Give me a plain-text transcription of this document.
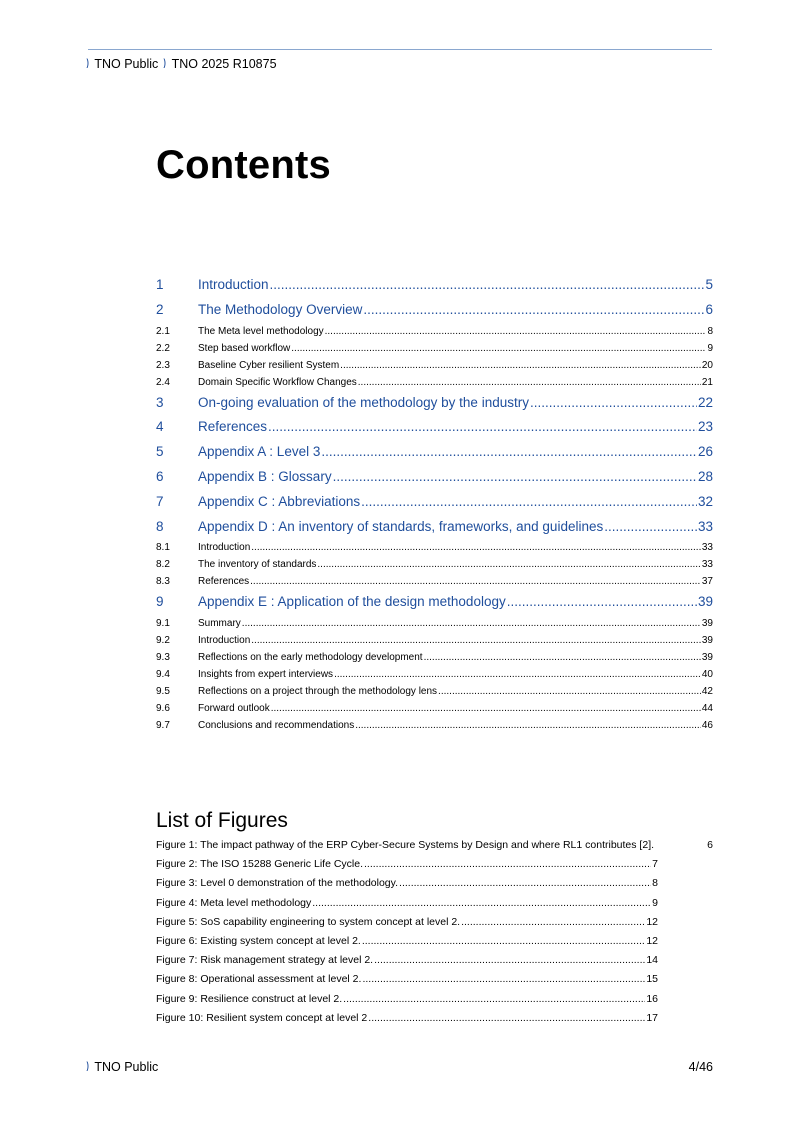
) TNO Public ) TNO 2025 R10875
Contents
1	Introduction .....	5
2	The Methodology Overview .....	6
2.1	The Meta level methodology .....	8
2.2	Step based workflow .....	9
2.3	Baseline Cyber resilient System .....	20
2.4	Domain Specific Workflow Changes .....	21
3	On-going evaluation of the methodology by the industry .....	22
4	References .....	23
5	Appendix A : Level 3 .....	26
6	Appendix B : Glossary .....	28
7	Appendix C : Abbreviations .....	32
8	Appendix D : An inventory of standards, frameworks, and guidelines .....	33
8.1	Introduction .....	33
8.2	The inventory of standards .....	33
8.3	References .....	37
9	Appendix E : Application of the design methodology .....	39
9.1	Summary .....	39
9.2	Introduction .....	39
9.3	Reflections on the early methodology development .....	39
9.4	Insights from expert interviews .....	40
9.5	Reflections on a project through the methodology lens .....	42
9.6	Forward outlook .....	44
9.7	Conclusions and recommendations .....	46
List of Figures
Figure 1: The impact pathway of the ERP Cyber-Secure Systems by Design and where RL1 contributes [2].	6
Figure 2: The ISO 15288 Generic Life Cycle. .....	7
Figure 3: Level 0 demonstration of the methodology. .....	8
Figure 4: Meta level methodology .....	9
Figure 5: SoS capability engineering to system concept at level 2. .....	12
Figure 6: Existing system concept at level 2. .....	12
Figure 7: Risk management strategy at level 2. .....	14
Figure 8: Operational assessment at level 2. .....	15
Figure 9: Resilience construct at level 2. .....	16
Figure 10: Resilient system concept at level 2 .....	17
) TNO Public	4/46
